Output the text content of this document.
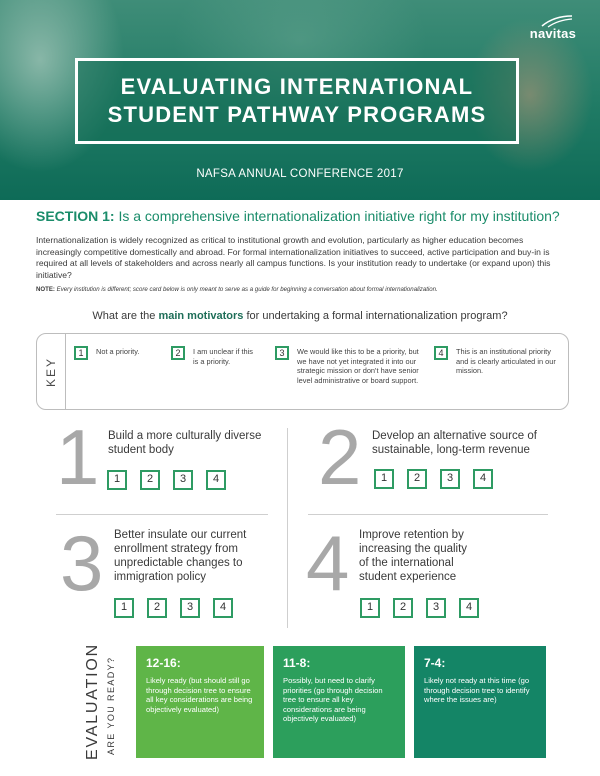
navitas
EVALUATING INTERNATIONAL
STUDENT PATHWAY PROGRAMS
NAFSA ANNUAL CONFERENCE 2017
SECTION 1: Is a comprehensive internationalization initiative right for my institution?
Internationalization is widely recognized as critical to institutional growth and evolution, particularly as higher education becomes increasingly competitive domestically and abroad. For formal internationalization initiatives to succeed, active participation and buy-in is required at all levels of stakeholders and across nearly all campus functions. Is your institution ready to undertake (or expand upon) this initiative?
NOTE: Every institution is different; score card below is only meant to serve as a guide for beginning a conversation about formal internationalization.
What are the main motivators for undertaking a formal internationalization program?
KEY
1	Not a priority.	2	I am unclear if this is a priority.
3	We would like this to be a priority, but we have not yet integrated it into our strategic mission or don't have senior level administrative or board support.
4	This is an institutional priority and is clearly articulated in our mission.
1 Build a more culturally diverse student body
1	2	3	4 2 Develop an alternative source of sustainable, long-term revenue
1	2	3	4
3 Better insulate our current enrollment strategy from unpredictable changes to immigration policy
1	2	3	4 4 Improve retention by increasing the quality of the international student experience
1	2	3	4
EVALUATION ARE YOU READY?	12-16:
Likely ready (but should still go through decision tree to ensure all key considerations are being objectively evaluated)
11-8:
Possibly, but need to clarify priorities (go through decision tree to ensure all key considerations are being objectively evaluated)
7-4:
Likely not ready at this time (go through decision tree to identify where the issues are)
